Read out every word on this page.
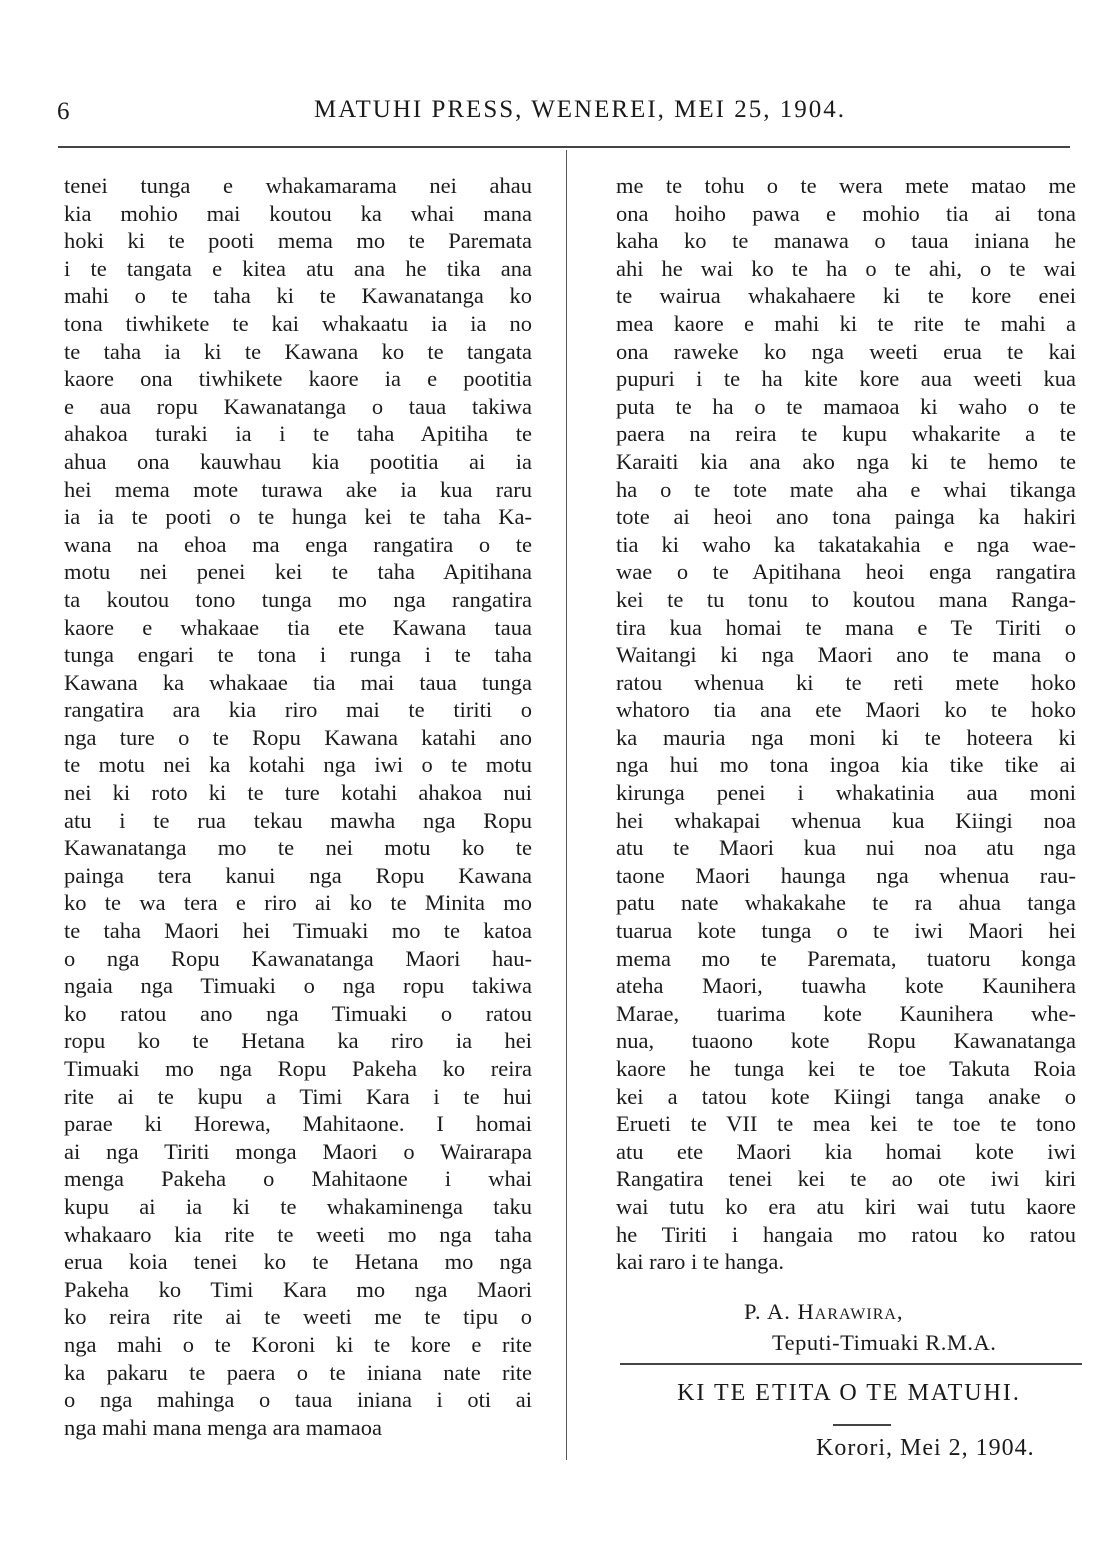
6	MATUHI PRESS, WENEREI, MEI 25, 1904.
tenei tunga e whakamarama nei ahau
kia mohio mai koutou ka whai mana
hoki ki te pooti mema mo te Paremata
i te tangata e kitea atu ana he tika ana
mahi o te taha ki te Kawanatanga ko
tona tiwhikete te kai whakaatu ia ia no
te taha ia ki te Kawana ko te tangata
kaore ona tiwhikete kaore ia e pootitia
e aua ropu Kawanatanga o taua takiwa
ahakoa turaki ia i te taha Apitiha te
ahua ona kauwhau kia pootitia ai ia
hei mema mote turawa ake ia kua raru
ia ia te pooti o te hunga kei te taha Ka-
wana na ehoa ma enga rangatira o te
motu nei penei kei te taha Apitihana
ta koutou tono tunga mo nga rangatira
kaore e whakaae tia ete Kawana taua
tunga engari te tona i runga i te taha
Kawana ka whakaae tia mai taua tunga
rangatira ara kia riro mai te tiriti o
nga ture o te Ropu Kawana katahi ano
te motu nei ka kotahi nga iwi o te motu
nei ki roto ki te ture kotahi ahakoa nui
atu i te rua tekau mawha nga Ropu
Kawanatanga mo te nei motu ko te
painga tera kanui nga Ropu Kawana
ko te wa tera e riro ai ko te Minita mo
te taha Maori hei Timuaki mo te katoa
o nga Ropu Kawanatanga Maori hau-
ngaia nga Timuaki o nga ropu takiwa
ko ratou ano nga Timuaki o ratou
ropu ko te Hetana ka riro ia hei
Timuaki mo nga Ropu Pakeha ko reira
rite ai te kupu a Timi Kara i te hui
parae ki Horewa, Mahitaone. I homai
ai nga Tiriti monga Maori o Wairarapa
menga Pakeha o Mahitaone i whai
kupu ai ia ki te whakaminenga taku
whakaaro kia rite te weeti mo nga taha
erua koia tenei ko te Hetana mo nga
Pakeha ko Timi Kara mo nga Maori
ko reira rite ai te weeti me te tipu o
nga mahi o te Koroni ki te kore e rite
ka pakaru te paera o te iniana nate rite
o nga mahinga o taua iniana i oti ai
nga mahi mana menga ara mamaoa
me te tohu o te wera mete matao me
ona hoiho pawa e mohio tia ai tona
kaha ko te manawa o taua iniana he
ahi he wai ko te ha o te ahi, o te wai
te wairua whakahaere ki te kore enei
mea kaore e mahi ki te rite te mahi a
ona raweke ko nga weeti erua te kai
pupuri i te ha kite kore aua weeti kua
puta te ha o te mamaoa ki waho o te
paera na reira te kupu whakarite a te
Karaiti kia ana ako nga ki te hemo te
ha o te tote mate aha e whai tikanga
tote ai heoi ano tona painga ka hakiri
tia ki waho ka takatakahia e nga wae-
wae o te Apitihana heoi enga rangatira
kei te tu tonu to koutou mana Ranga-
tira kua homai te mana e Te Tiriti o
Waitangi ki nga Maori ano te mana o
ratou whenua ki te reti mete hoko
whatoro tia ana ete Maori ko te hoko
ka mauria nga moni ki te hoteera ki
nga hui mo tona ingoa kia tike tike ai
kirunga penei i whakatinia aua moni
hei whakapai whenua kua Kiingi noa
atu te Maori kua nui noa atu nga
taone Maori haunga nga whenua rau-
patu nate whakakahe te ra ahua tanga
tuarua kote tunga o te iwi Maori hei
mema mo te Paremata, tuatoru konga
ateha Maori, tuawha kote Kaunihera
Marae, tuarima kote Kaunihera whe-
nua, tuaono kote Ropu Kawanatanga
kaore he tunga kei te toe Takuta Roia
kei a tatou kote Kiingi tanga anake o
Erueti te VII te mea kei te toe te tono
atu ete Maori kia homai kote iwi
Rangatira tenei kei te ao ote iwi kiri
wai tutu ko era atu kiri wai tutu kaore
he Tiriti i hangaia mo ratou ko ratou
kai raro i te hanga.
P. A. Harawira,
Teputi-Timuaki R.M.A.
KI TE ETITA O TE MATUHI.
Korori, Mei 2, 1904.
